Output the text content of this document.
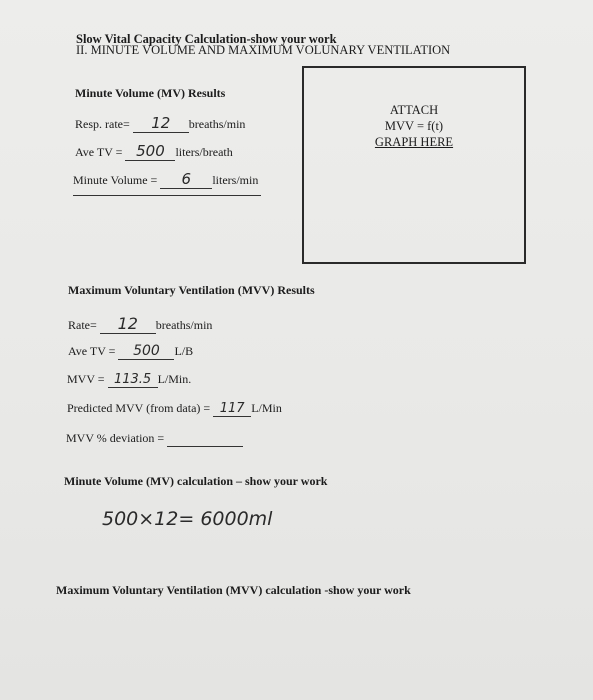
Slow Vital Capacity Calculation-show your work
II. MINUTE VOLUME AND MAXIMUM VOLUNARY VENTILATION
Minute Volume (MV) Results
Resp. rate= 12 breaths/min
Ave TV = 500 liters/breath
Minute Volume = 6 liters/min
ATTACH
MVV = f(t)
GRAPH HERE
Maximum Voluntary Ventilation (MVV) Results
Rate= 12 breaths/min
Ave TV = 500 L/B
MVV = 113.5 L/Min.
Predicted MVV (from data) = 117 L/Min
MVV % deviation =
Minute Volume (MV) calculation – show your work
500×12= 6000ml
Maximum Voluntary Ventilation (MVV) calculation -show your work
